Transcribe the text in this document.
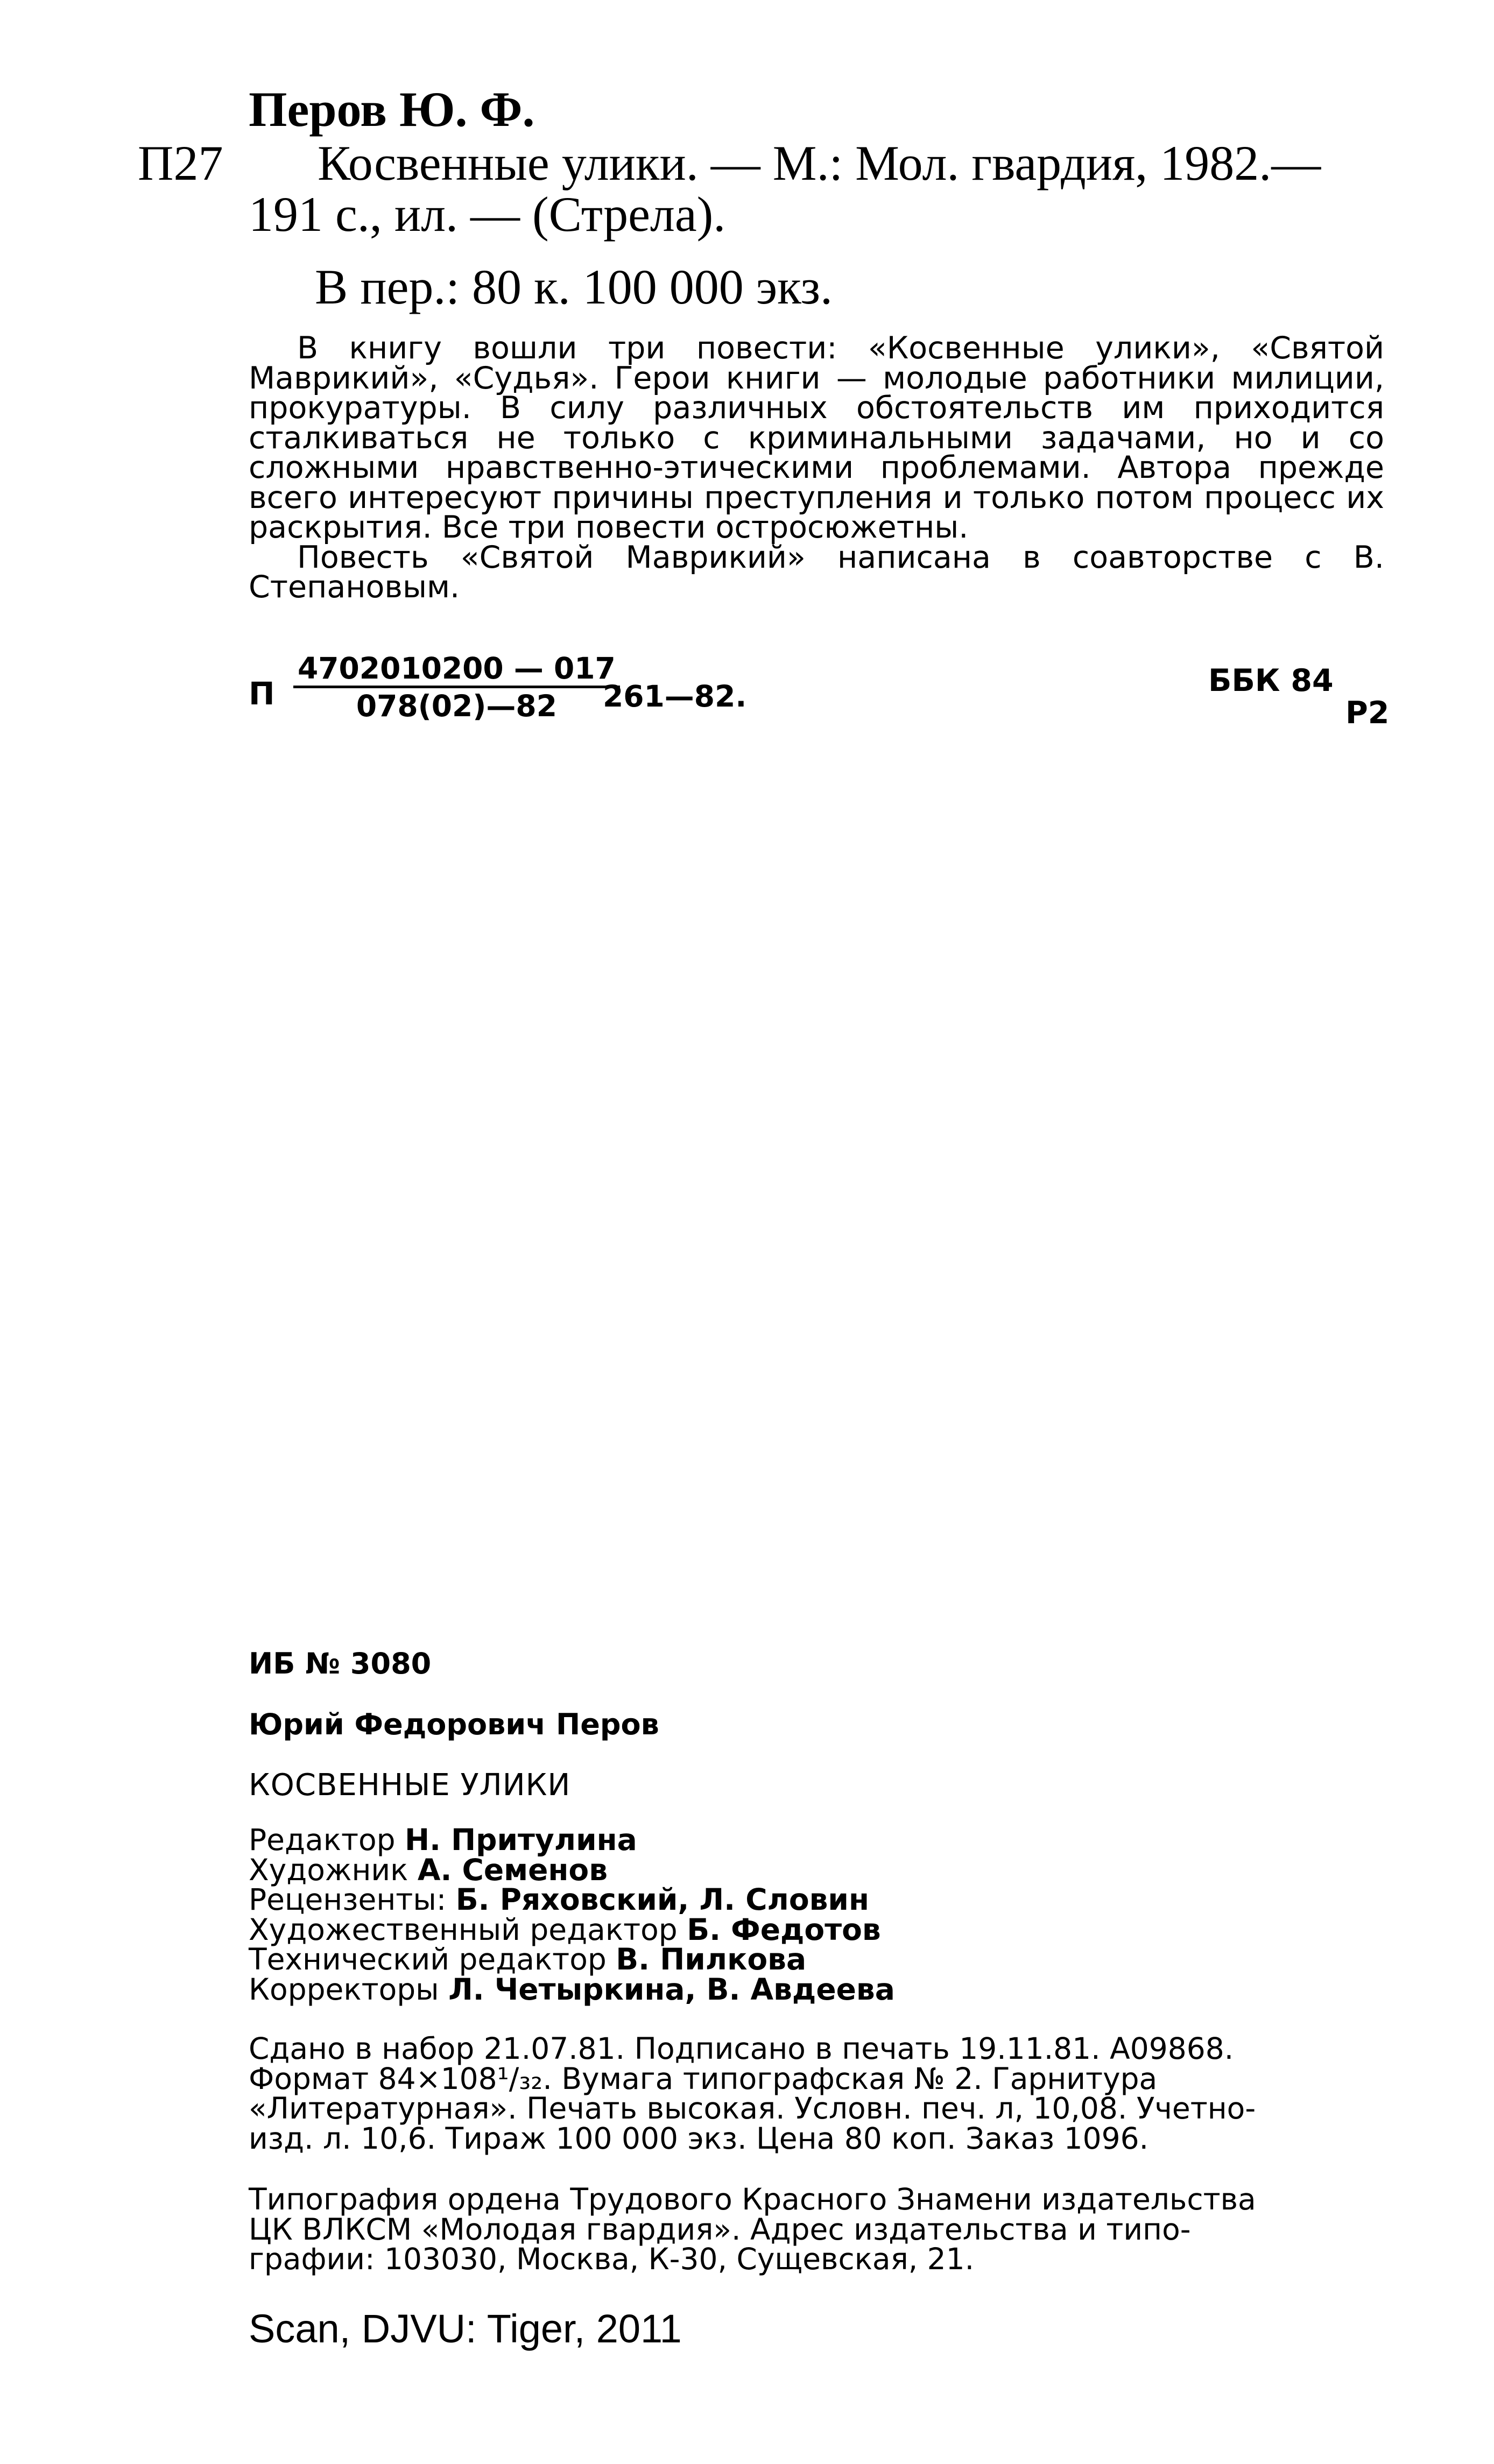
Перов Ю. Ф.
П27 Косвенные улики. — М.: Мол. гвардия, 1982.—
191 с., ил. — (Стрела).
В пер.: 80 к. 100 000 экз.

В книгу вошли три повести: «Косвенные улики», «Святой Маврикий», «Судья». Герои книги — молодые работники милиции, прокуратуры. В силу различных обстоятельств им приходится сталкиваться не только с криминальными задачами, но и со сложными нравственно-этическими проблемами. Автора прежде всего интересуют причины преступления и только потом процесс их раскрытия. Все три повести остросюжетны.

Повесть «Святой Маврикий» написана в соавторстве с В. Степановым.

П $\frac{4702010200 — 017}{078(02)—82}$
261—82.	ББК 84
Р2
ИБ № 3080
Юрий Федорович Перов
КОСВЕННЫЕ УЛИКИ
Редактор Н. Притулина
Художник А. Семенов
Рецензенты: Б. Ряховский, Л. Словин
Художественный редактор Б. Федотов
Технический редактор В. Пилкова
Корректоры Л. Четыркина, В. Авдеева
Сдано в набор 21.07.81. Подписано в печать 19.11.81. А09868.
Формат 84×108¹/₃₂. Вумага типографская № 2. Гарнитура
«Литературная». Печать высокая. Условн. печ. л, 10,08. Учетно-
изд. л. 10,6. Тираж 100 000 экз. Цена 80 коп. Заказ 1096.
Типография ордена Трудового Красного Знамени издательства
ЦК ВЛКСМ «Молодая гвардия». Адрес издательства и типо-
графии: 103030, Москва, К-30, Сущевская, 21.
Scan, DJVU: Tiger, 2011
